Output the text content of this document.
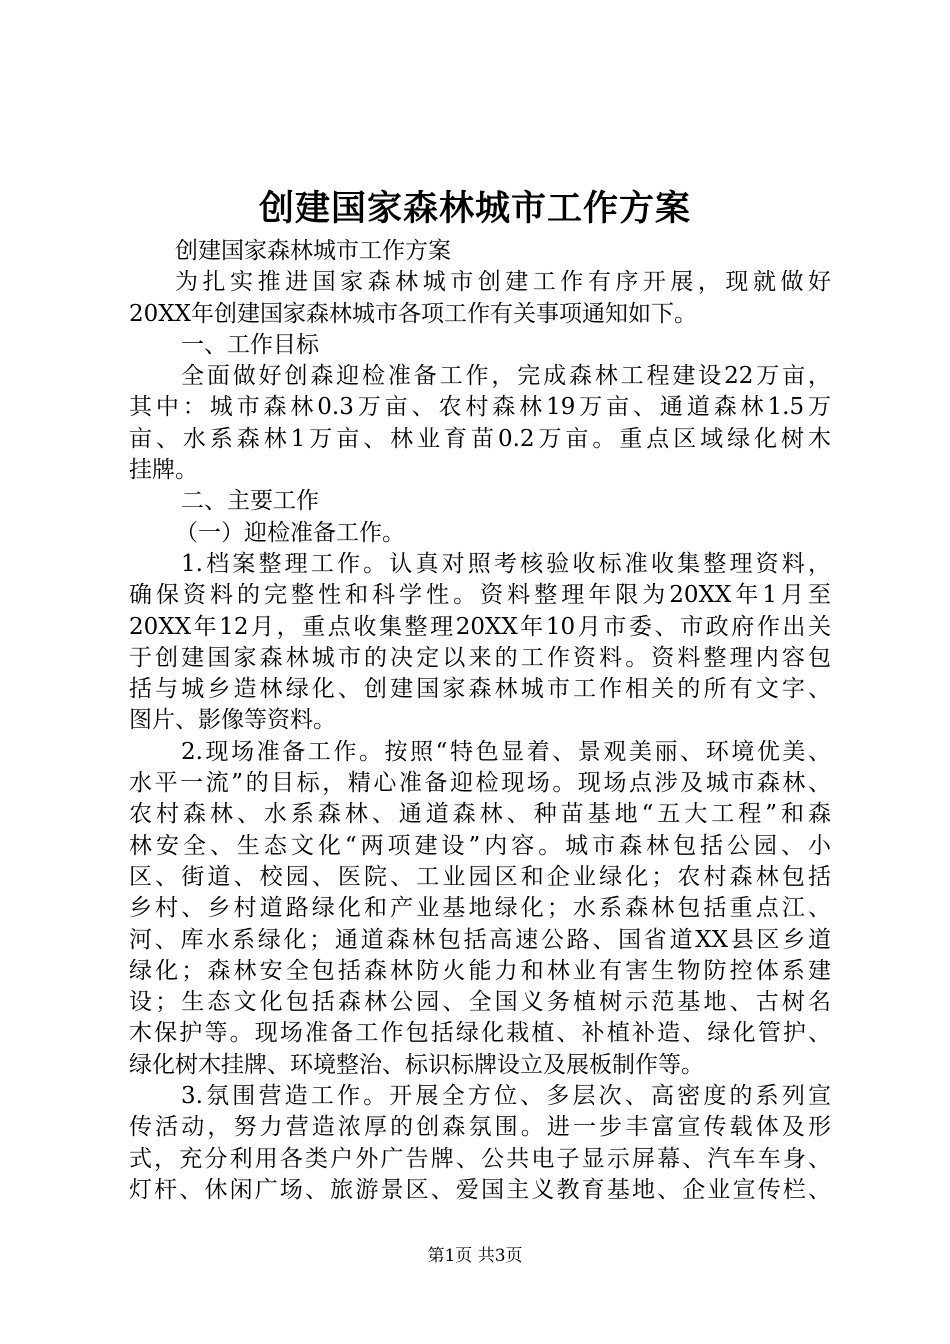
创建国家森林城市工作方案
创建国家森林城市工作方案
为扎实推进国家森林城市创建工作有序开展，现就做好
20XX年创建国家森林城市各项工作有关事项通知如下。
一、工作目标
全面做好创森迎检准备工作，完成森林工程建设22万亩，
其中：城市森林0.3万亩、农村森林19万亩、通道森林1.5万
亩、水系森林1万亩、林业育苗0.2万亩。重点区域绿化树木
挂牌。
二、主要工作
（一）迎检准备工作。
1.档案整理工作。认真对照考核验收标准收集整理资料，
确保资料的完整性和科学性。资料整理年限为20XX年1月至
20XX年12月，重点收集整理20XX年10月市委、市政府作出关
于创建国家森林城市的决定以来的工作资料。资料整理内容包
括与城乡造林绿化、创建国家森林城市工作相关的所有文字、
图片、影像等资料。
2.现场准备工作。按照“特色显着、景观美丽、环境优美、
水平一流”的目标，精心准备迎检现场。现场点涉及城市森林、
农村森林、水系森林、通道森林、种苗基地“五大工程”和森
林安全、生态文化“两项建设”内容。城市森林包括公园、小
区、街道、校园、医院、工业园区和企业绿化；农村森林包括
乡村、乡村道路绿化和产业基地绿化；水系森林包括重点江、
河、库水系绿化；通道森林包括高速公路、国省道XX县区乡道
绿化；森林安全包括森林防火能力和林业有害生物防控体系建
设；生态文化包括森林公园、全国义务植树示范基地、古树名
木保护等。现场准备工作包括绿化栽植、补植补造、绿化管护、
绿化树木挂牌、环境整治、标识标牌设立及展板制作等。
3.氛围营造工作。开展全方位、多层次、高密度的系列宣
传活动，努力营造浓厚的创森氛围。进一步丰富宣传载体及形
式，充分利用各类户外广告牌、公共电子显示屏幕、汽车车身、
灯杆、休闲广场、旅游景区、爱国主义教育基地、企业宣传栏、
第1页 共3页
